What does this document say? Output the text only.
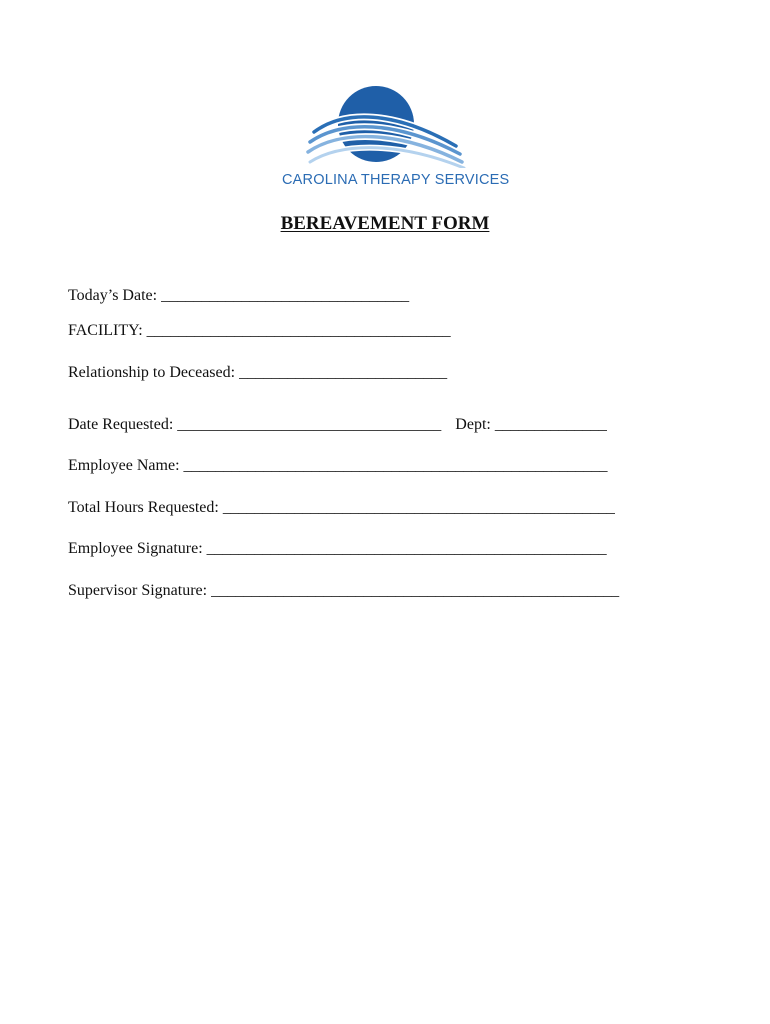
CAROLINA THERAPY SERVICES
BEREAVEMENT FORM
Today’s Date: _______________________________
FACILITY: ______________________________________
Relationship to Deceased: __________________________
Date Requested: _________________________________ Dept: ______________
Employee Name: _____________________________________________________
Total Hours Requested: _________________________________________________
Employee Signature: __________________________________________________
Supervisor Signature: ___________________________________________________
